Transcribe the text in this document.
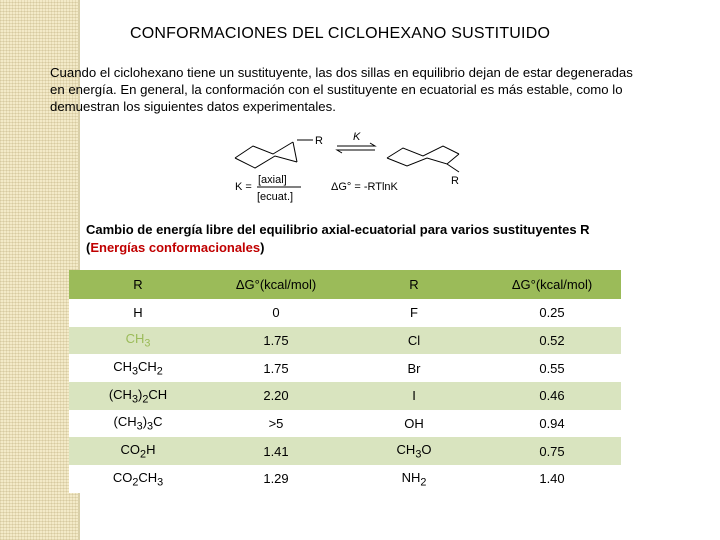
CONFORMACIONES DEL CICLOHEXANO SUSTITUIDO
Cuando el ciclohexano tiene un sustituyente, las dos sillas en equilibrio dejan de estar degeneradas
en energía. En general, la conformación con el sustituyente en ecuatorial es más estable, como lo
demuestran los siguientes datos experimentales.
R	K
R
K =
[axial]
[ecuat.]
ΔG° = -RTlnK
Cambio de energía libre del equilibrio axial-ecuatorial para varios sustituyentes R
(Energías conformacionales)
R	ΔG°(kcal/mol)	R	ΔG°(kcal/mol)
H	0	F	0.25
$CH_3$	1.75	Cl	0.52
$CH_3CH_2$	1.75	Br	0.55
$(CH_3)_2CH$	2.20	I	0.46
$(CH_3)_3C$	>5	OH	0.94
$CO_2H$	1.41	$CH_3O$	0.75
$CO_2CH_3$	1.29	$NH_2$	1.40
